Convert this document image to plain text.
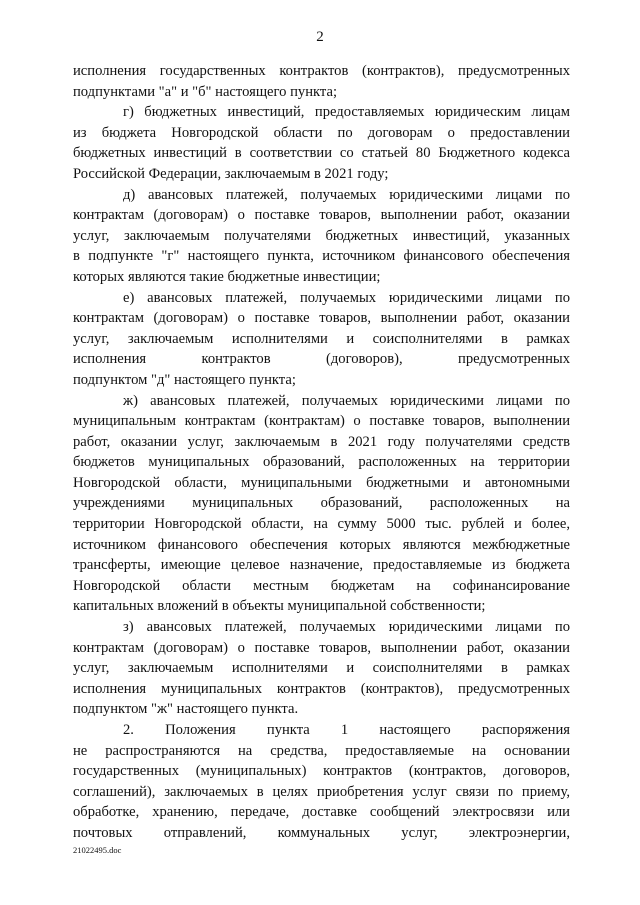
2
исполнения государственных контрактов (контрактов), предусмотренных
подпунктами "а" и "б" настоящего пункта;
г) бюджетных инвестиций, предоставляемых юридическим лицам
из бюджета Новгородской области по договорам о предоставлении
бюджетных инвестиций в соответствии со статьей 80 Бюджетного кодекса
Российской Федерации, заключаемым в 2021 году;
д) авансовых платежей, получаемых юридическими лицами по
контрактам (договорам) о поставке товаров, выполнении работ, оказании
услуг, заключаемым получателями бюджетных инвестиций, указанных
в подпункте "г" настоящего пункта, источником финансового обеспечения
которых являются такие бюджетные инвестиции;
е) авансовых платежей, получаемых юридическими лицами по
контрактам (договорам) о поставке товаров, выполнении работ, оказании
услуг, заключаемым исполнителями и соисполнителями в рамках
исполнения контрактов (договоров), предусмотренных
подпунктом "д" настоящего пункта;
ж) авансовых платежей, получаемых юридическими лицами по
муниципальным контрактам (контрактам) о поставке товаров, выполнении
работ, оказании услуг, заключаемым в 2021 году получателями средств
бюджетов муниципальных образований, расположенных на территории
Новгородской области, муниципальными бюджетными и автономными
учреждениями муниципальных образований, расположенных на
территории Новгородской области, на сумму 5000 тыс. рублей и более,
источником финансового обеспечения которых являются межбюджетные
трансферты, имеющие целевое назначение, предоставляемые из бюджета
Новгородской области местным бюджетам на софинансирование
капитальных вложений в объекты муниципальной собственности;
з) авансовых платежей, получаемых юридическими лицами по
контрактам (договорам) о поставке товаров, выполнении работ, оказании
услуг, заключаемым исполнителями и соисполнителями в рамках
исполнения муниципальных контрактов (контрактов), предусмотренных
подпунктом "ж" настоящего пункта.
2. Положения пункта 1 настоящего распоряжения
не распространяются на средства, предоставляемые на основании
государственных (муниципальных) контрактов (контрактов, договоров,
соглашений), заключаемых в целях приобретения услуг связи по приему,
обработке, хранению, передаче, доставке сообщений электросвязи или
почтовых отправлений, коммунальных услуг, электроэнергии,
21022495.doc
